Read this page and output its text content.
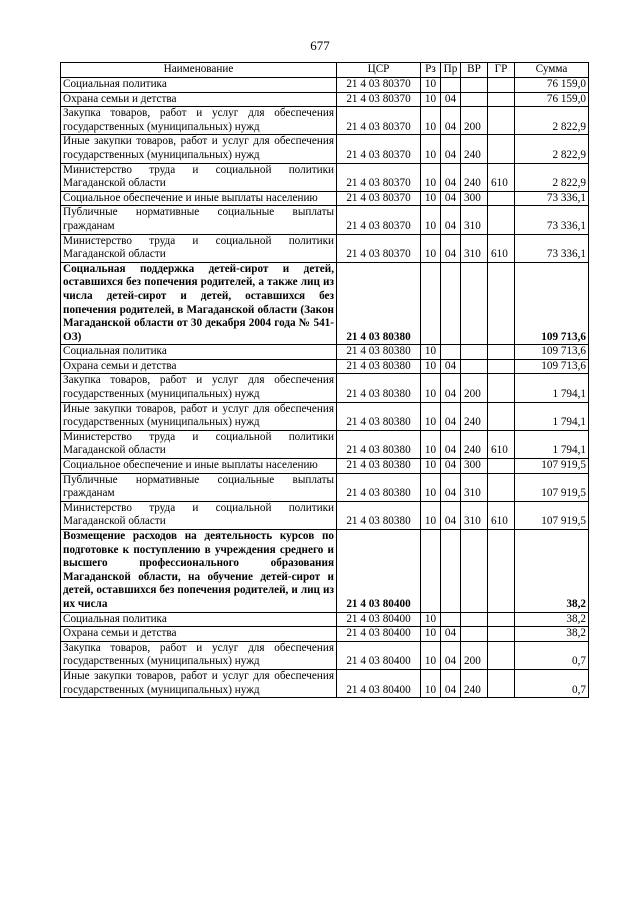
677
Наименование	ЦСР	Рз	Пр	ВР	ГР	Сумма
Социальная политика	21 4 03 80370	10				76 159,0
Охрана семьи и детства	21 4 03 80370	10	04			76 159,0
Закупка товаров, работ и услуг для обеспечения государственных (муниципальных) нужд	21 4 03 80370	10	04	200		2 822,9
Иные закупки товаров, работ и услуг для обеспечения государственных (муниципальных) нужд	21 4 03 80370	10	04	240		2 822,9
Министерство труда и социальной политики Магаданской области	21 4 03 80370	10	04	240	610	2 822,9
Социальное обеспечение и иные выплаты населению	21 4 03 80370	10	04	300		73 336,1
Публичные нормативные социальные выплаты гражданам	21 4 03 80370	10	04	310		73 336,1
Министерство труда и социальной политики Магаданской области	21 4 03 80370	10	04	310	610	73 336,1
Социальная поддержка детей-сирот и детей, оставшихся без попечения родителей, а также лиц из числа детей-сирот и детей, оставшихся без попечения родителей, в Магаданской области (Закон Магаданской области от 30 декабря 2004 года № 541-ОЗ)	21 4 03 80380					109 713,6
Социальная политика	21 4 03 80380	10				109 713,6
Охрана семьи и детства	21 4 03 80380	10	04			109 713,6
Закупка товаров, работ и услуг для обеспечения государственных (муниципальных) нужд	21 4 03 80380	10	04	200		1 794,1
Иные закупки товаров, работ и услуг для обеспечения государственных (муниципальных) нужд	21 4 03 80380	10	04	240		1 794,1
Министерство труда и социальной политики Магаданской области	21 4 03 80380	10	04	240	610	1 794,1
Социальное обеспечение и иные выплаты населению	21 4 03 80380	10	04	300		107 919,5
Публичные нормативные социальные выплаты гражданам	21 4 03 80380	10	04	310		107 919,5
Министерство труда и социальной политики Магаданской области	21 4 03 80380	10	04	310	610	107 919,5
Возмещение расходов на деятельность курсов по подготовке к поступлению в учреждения среднего и высшего профессионального образования Магаданской области, на обучение детей-сирот и детей, оставшихся без попечения родителей, и лиц из их числа	21 4 03 80400					38,2
Социальная политика	21 4 03 80400	10				38,2
Охрана семьи и детства	21 4 03 80400	10	04			38,2
Закупка товаров, работ и услуг для обеспечения государственных (муниципальных) нужд	21 4 03 80400	10	04	200		0,7
Иные закупки товаров, работ и услуг для обеспечения государственных (муниципальных) нужд	21 4 03 80400	10	04	240		0,7
